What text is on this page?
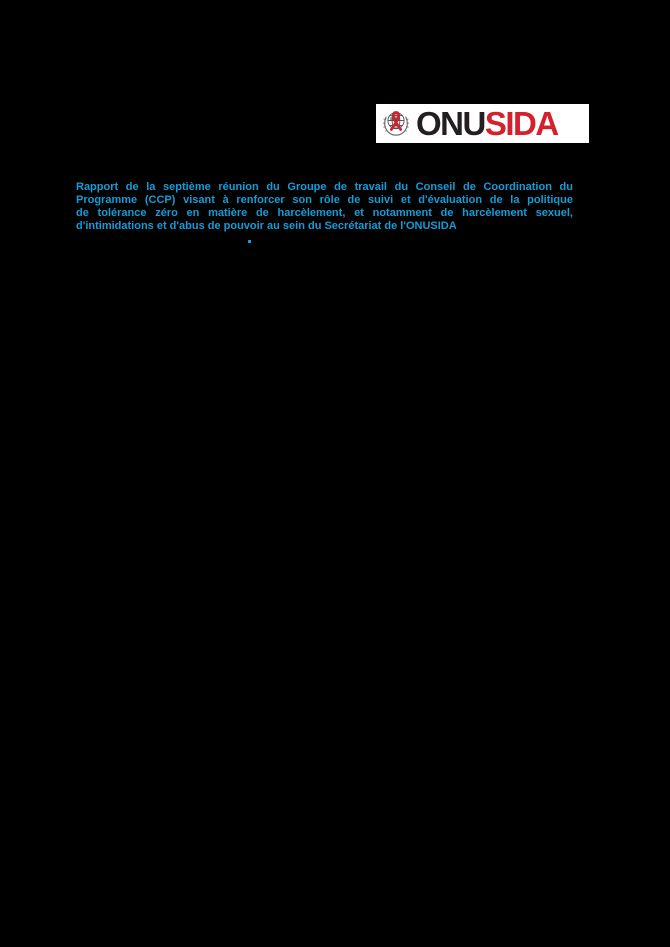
ONUSIDA
Rapport de la septième réunion du Groupe de travail du Conseil de Coordination du
Programme (CCP) visant à renforcer son rôle de suivi et d'évaluation de la politique
de tolérance zéro en matière de harcèlement, et notamment de harcèlement sexuel,
d'intimidations et d'abus de pouvoir au sein du Secrétariat de l'ONUSIDA
